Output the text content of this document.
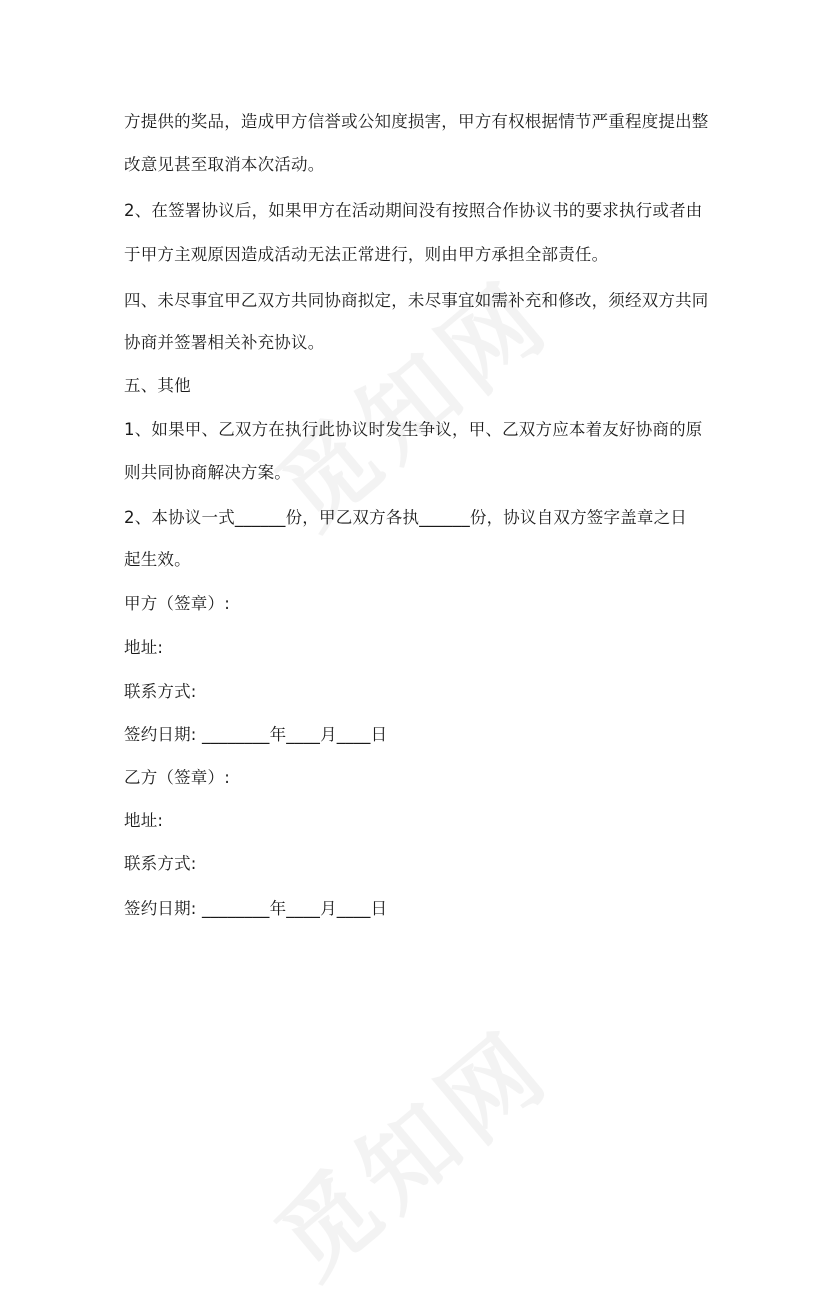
方提供的奖品，造成甲方信誉或公知度损害，甲方有权根据情节严重程度提出整
改意见甚至取消本次活动。
2、在签署协议后，如果甲方在活动期间没有按照合作协议书的要求执行或者由
于甲方主观原因造成活动无法正常进行，则由甲方承担全部责任。
四、未尽事宜甲乙双方共同协商拟定，未尽事宜如需补充和修改，须经双方共同
协商并签署相关补充协议。
五、其他
1、如果甲、乙双方在执行此协议时发生争议，甲、乙双方应本着友好协商的原
则共同协商解决方案。
2、本协议一式______份，甲乙双方各执______份，协议自双方签字盖章之日
起生效。
甲方（签章）:
地址:
联系方式:
签约日期: ________年____月____日
乙方（签章）:
地址:
联系方式:
签约日期: ________年____月____日
